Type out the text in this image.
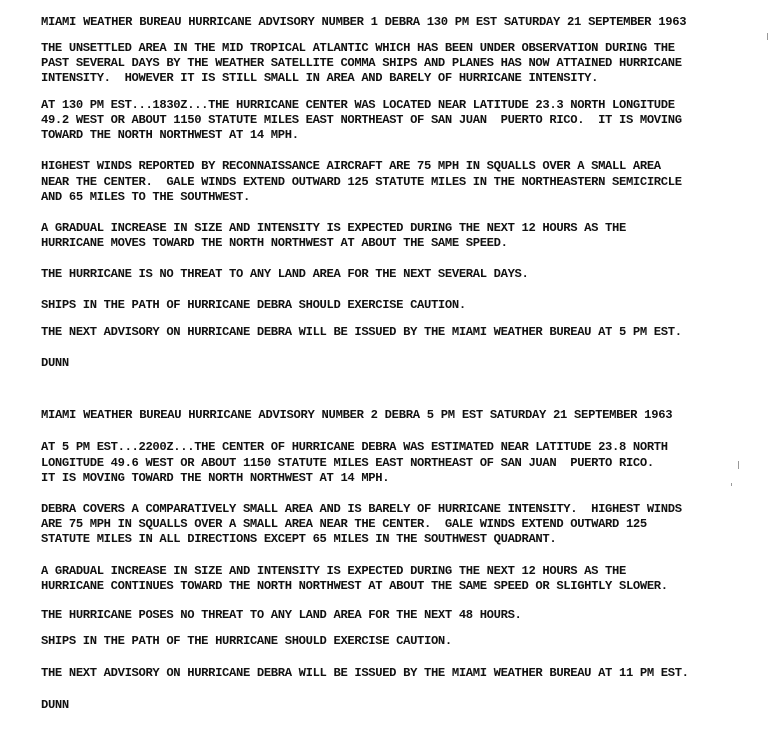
MIAMI WEATHER BUREAU HURRICANE ADVISORY NUMBER 1 DEBRA 130 PM EST SATURDAY 21 SEPTEMBER 1963
THE UNSETTLED AREA IN THE MID TROPICAL ATLANTIC WHICH HAS BEEN UNDER OBSERVATION DURING THE
PAST SEVERAL DAYS BY THE WEATHER SATELLITE COMMA SHIPS AND PLANES HAS NOW ATTAINED HURRICANE
INTENSITY.  HOWEVER IT IS STILL SMALL IN AREA AND BARELY OF HURRICANE INTENSITY.
AT 130 PM EST...1830Z...THE HURRICANE CENTER WAS LOCATED NEAR LATITUDE 23.3 NORTH LONGITUDE
49.2 WEST OR ABOUT 1150 STATUTE MILES EAST NORTHEAST OF SAN JUAN  PUERTO RICO.  IT IS MOVING
TOWARD THE NORTH NORTHWEST AT 14 MPH.
HIGHEST WINDS REPORTED BY RECONNAISSANCE AIRCRAFT ARE 75 MPH IN SQUALLS OVER A SMALL AREA
NEAR THE CENTER.  GALE WINDS EXTEND OUTWARD 125 STATUTE MILES IN THE NORTHEASTERN SEMICIRCLE
AND 65 MILES TO THE SOUTHWEST.
A GRADUAL INCREASE IN SIZE AND INTENSITY IS EXPECTED DURING THE NEXT 12 HOURS AS THE
HURRICANE MOVES TOWARD THE NORTH NORTHWEST AT ABOUT THE SAME SPEED.
THE HURRICANE IS NO THREAT TO ANY LAND AREA FOR THE NEXT SEVERAL DAYS.
SHIPS IN THE PATH OF HURRICANE DEBRA SHOULD EXERCISE CAUTION.
THE NEXT ADVISORY ON HURRICANE DEBRA WILL BE ISSUED BY THE MIAMI WEATHER BUREAU AT 5 PM EST.
DUNN
MIAMI WEATHER BUREAU HURRICANE ADVISORY NUMBER 2 DEBRA 5 PM EST SATURDAY 21 SEPTEMBER 1963
AT 5 PM EST...2200Z...THE CENTER OF HURRICANE DEBRA WAS ESTIMATED NEAR LATITUDE 23.8 NORTH
LONGITUDE 49.6 WEST OR ABOUT 1150 STATUTE MILES EAST NORTHEAST OF SAN JUAN  PUERTO RICO.
IT IS MOVING TOWARD THE NORTH NORTHWEST AT 14 MPH.
DEBRA COVERS A COMPARATIVELY SMALL AREA AND IS BARELY OF HURRICANE INTENSITY.  HIGHEST WINDS
ARE 75 MPH IN SQUALLS OVER A SMALL AREA NEAR THE CENTER.  GALE WINDS EXTEND OUTWARD 125
STATUTE MILES IN ALL DIRECTIONS EXCEPT 65 MILES IN THE SOUTHWEST QUADRANT.
A GRADUAL INCREASE IN SIZE AND INTENSITY IS EXPECTED DURING THE NEXT 12 HOURS AS THE
HURRICANE CONTINUES TOWARD THE NORTH NORTHWEST AT ABOUT THE SAME SPEED OR SLIGHTLY SLOWER.
THE HURRICANE POSES NO THREAT TO ANY LAND AREA FOR THE NEXT 48 HOURS.
SHIPS IN THE PATH OF THE HURRICANE SHOULD EXERCISE CAUTION.
THE NEXT ADVISORY ON HURRICANE DEBRA WILL BE ISSUED BY THE MIAMI WEATHER BUREAU AT 11 PM EST.
DUNN
